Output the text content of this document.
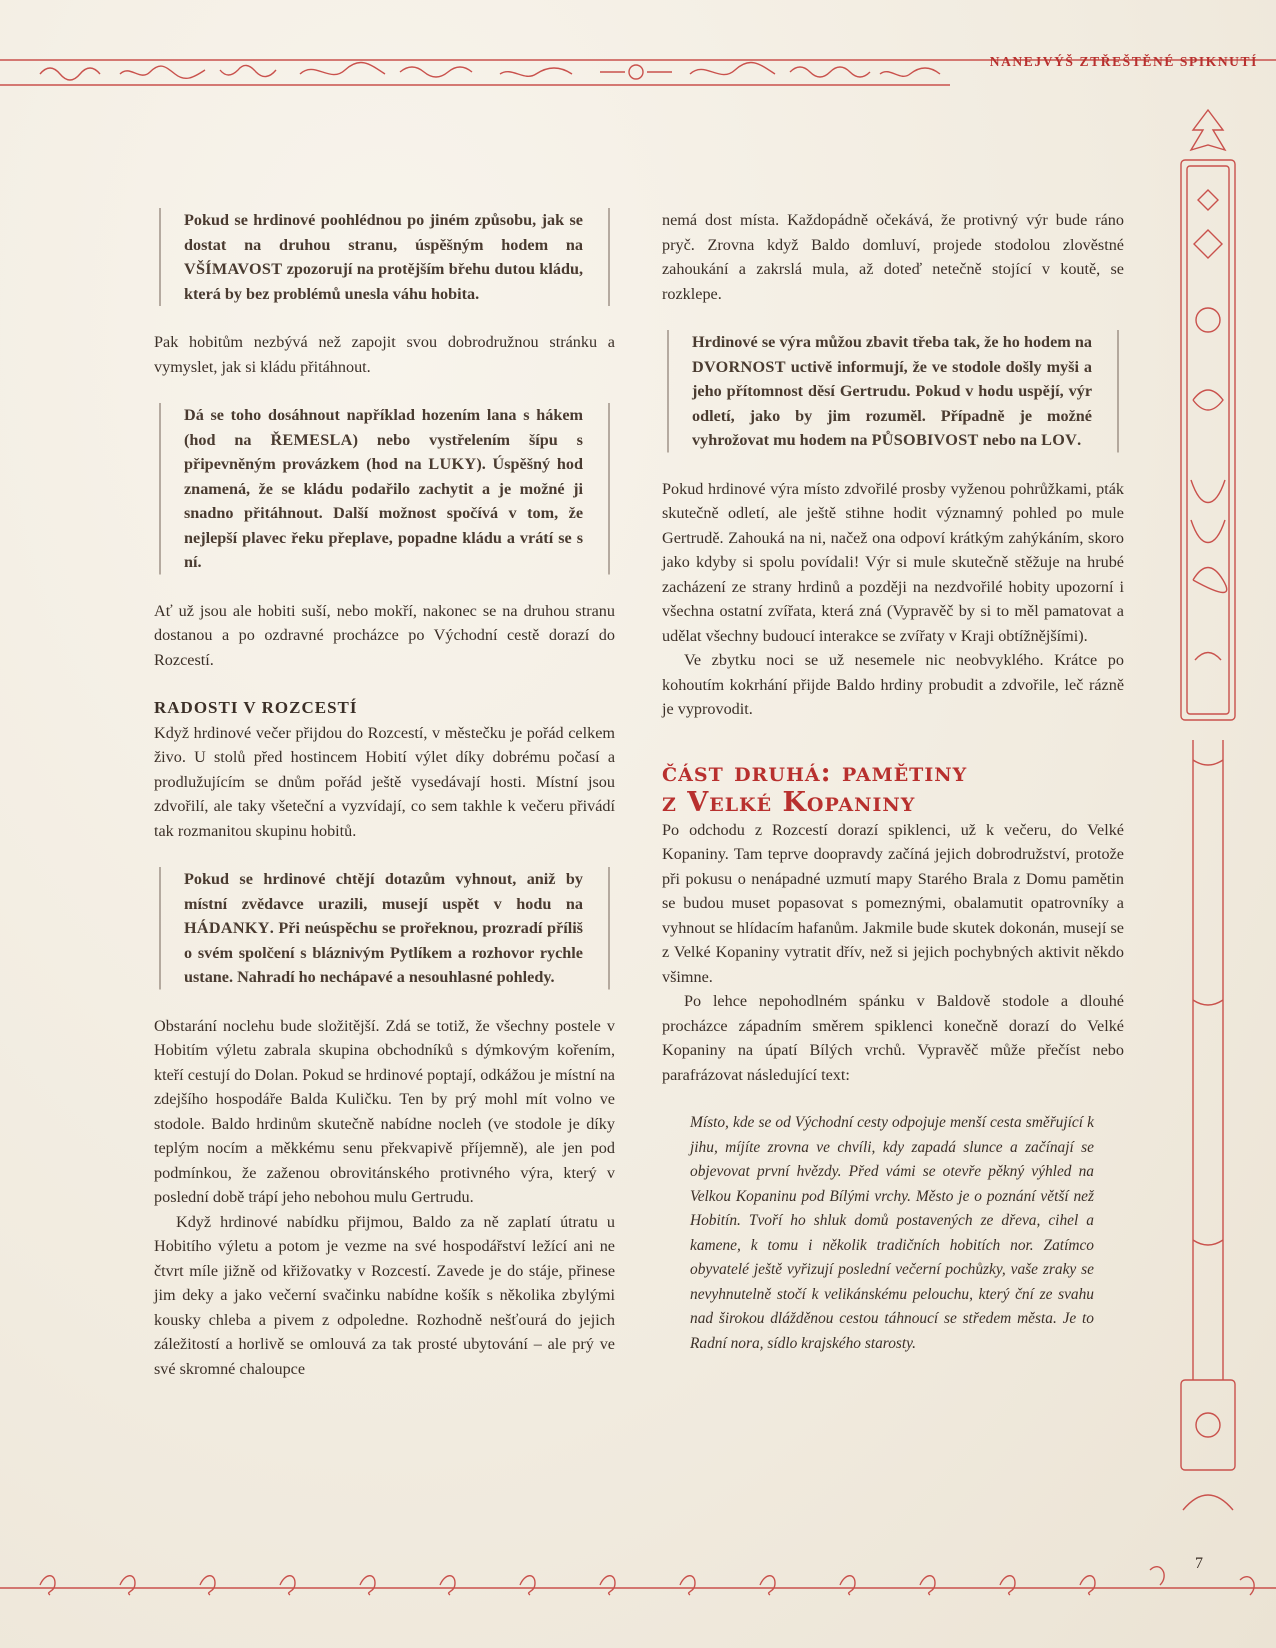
NANEJVÝŠ ZTŘEŠTĚNÉ SPIKNUTÍ
7

Pokud se hrdinové poohlédnou po jiném způsobu, jak se dostat na druhou stranu, úspěšným hodem na VŠÍMAVOST zpozorují na protějším břehu dutou kládu, která by bez problémů unesla váhu hobita.

Pak hobitům nezbývá než zapojit svou dobrodružnou stránku a vymyslet, jak si kládu přitáhnout.

Dá se toho dosáhnout například hozením lana s hákem (hod na ŘEMESLA) nebo vystřelením šípu s připevněným provázkem (hod na LUKY). Úspěšný hod znamená, že se kládu podařilo zachytit a je možné ji snadno přitáhnout. Další možnost spočívá v tom, že nejlepší plavec řeku přeplave, popadne kládu a vrátí se s ní.

Ať už jsou ale hobiti suší, nebo mokří, nakonec se na druhou stranu dostanou a po ozdravné procházce po Východní cestě dorazí do Rozcestí.

RADOSTI V ROZCESTÍ

Když hrdinové večer přijdou do Rozcestí, v městečku je pořád celkem živo. U stolů před hostincem Hobití výlet díky dobrému počasí a prodlužujícím se dnům pořád ještě vysedávají hosti. Místní jsou zdvořilí, ale taky všeteční a vyzvídají, co sem takhle k večeru přivádí tak rozmanitou skupinu hobitů.

Pokud se hrdinové chtějí dotazům vyhnout, aniž by místní zvědavce urazili, musejí uspět v hodu na HÁDANKY. Při neúspěchu se prořeknou, prozradí příliš o svém spolčení s bláznivým Pytlíkem a rozhovor rychle ustane. Nahradí ho nechápavé a nesouhlasné pohledy.

Obstarání noclehu bude složitější. Zdá se totiž, že všechny postele v Hobitím výletu zabrala skupina obchodníků s dýmkovým kořením, kteří cestují do Dolan. Pokud se hrdinové poptají, odkážou je místní na zdejšího hospodáře Balda Kuličku. Ten by prý mohl mít volno ve stodole. Baldo hrdinům skutečně nabídne nocleh (ve stodole je díky teplým nocím a měkkému senu překvapivě příjemně), ale jen pod podmínkou, že zaženou obrovitánského protivného výra, který v poslední době trápí jeho nebohou mulu Gertrudu.

Když hrdinové nabídku přijmou, Baldo za ně zaplatí útratu u Hobitího výletu a potom je vezme na své hospodářství ležící ani ne čtvrt míle jižně od křižovatky v Rozcestí. Zavede je do stáje, přinese jim deky a jako večerní svačinku nabídne košík s několika zbylými kousky chleba a pivem z odpoledne. Rozhodně nešťourá do jejich záležitostí a horlivě se omlouvá za tak prosté ubytování – ale prý ve své skromné chaloupce

nemá dost místa. Každopádně očekává, že protivný výr bude ráno pryč. Zrovna když Baldo domluví, projede stodolou zlověstné zahoukání a zakrslá mula, až doteď netečně stojící v koutě, se rozklepe.

Hrdinové se výra můžou zbavit třeba tak, že ho hodem na DVORNOST uctivě informují, že ve stodole došly myši a jeho přítomnost děsí Gertrudu. Pokud v hodu uspějí, výr odletí, jako by jim rozuměl. Případně je možné vyhrožovat mu hodem na PŮSOBIVOST nebo na LOV.

Pokud hrdinové výra místo zdvořilé prosby vyženou pohrůžkami, pták skutečně odletí, ale ještě stihne hodit významný pohled po mule Gertrudě. Zahouká na ni, načež ona odpoví krátkým zahýkáním, skoro jako kdyby si spolu povídali! Výr si mule skutečně stěžuje na hrubé zacházení ze strany hrdinů a později na nezdvořilé hobity upozorní i všechna ostatní zvířata, která zná (Vypravěč by si to měl pamatovat a udělat všechny budoucí interakce se zvířaty v Kraji obtížnějšími).

Ve zbytku noci se už nesemele nic neobvyklého. Krátce po kohoutím kokrhání přijde Baldo hrdiny probudit a zdvořile, leč rázně je vyprovodit.

část druhá: pamětiny
z Velké Kopaniny

Po odchodu z Rozcestí dorazí spiklenci, už k večeru, do Velké Kopaniny. Tam teprve doopravdy začíná jejich dobrodružství, protože při pokusu o nenápadné uzmutí mapy Starého Brala z Domu pamětin se budou muset popasovat s pomeznými, obalamutit opatrovníky a vyhnout se hlídacím hafanům. Jakmile bude skutek dokonán, musejí se z Velké Kopaniny vytratit dřív, než si jejich pochybných aktivit někdo všimne.

Po lehce nepohodlném spánku v Baldově stodole a dlouhé procházce západním směrem spiklenci konečně dorazí do Velké Kopaniny na úpatí Bílých vrchů. Vypravěč může přečíst nebo parafrázovat následující text:

Místo, kde se od Východní cesty odpojuje menší cesta směřující k jihu, míjíte zrovna ve chvíli, kdy zapadá slunce a začínají se objevovat první hvězdy. Před vámi se otevře pěkný výhled na Velkou Kopaninu pod Bílými vrchy. Město je o poznání větší než Hobitín. Tvoří ho shluk domů postavených ze dřeva, cihel a kamene, k tomu i několik tradičních hobitích nor. Zatímco obyvatelé ještě vyřizují poslední večerní pochůzky, vaše zraky se nevyhnutelně stočí k velikánskému pelouchu, který ční ze svahu nad širokou dlážděnou cestou táhnoucí se středem města. Je to Radní nora, sídlo krajského starosty.
